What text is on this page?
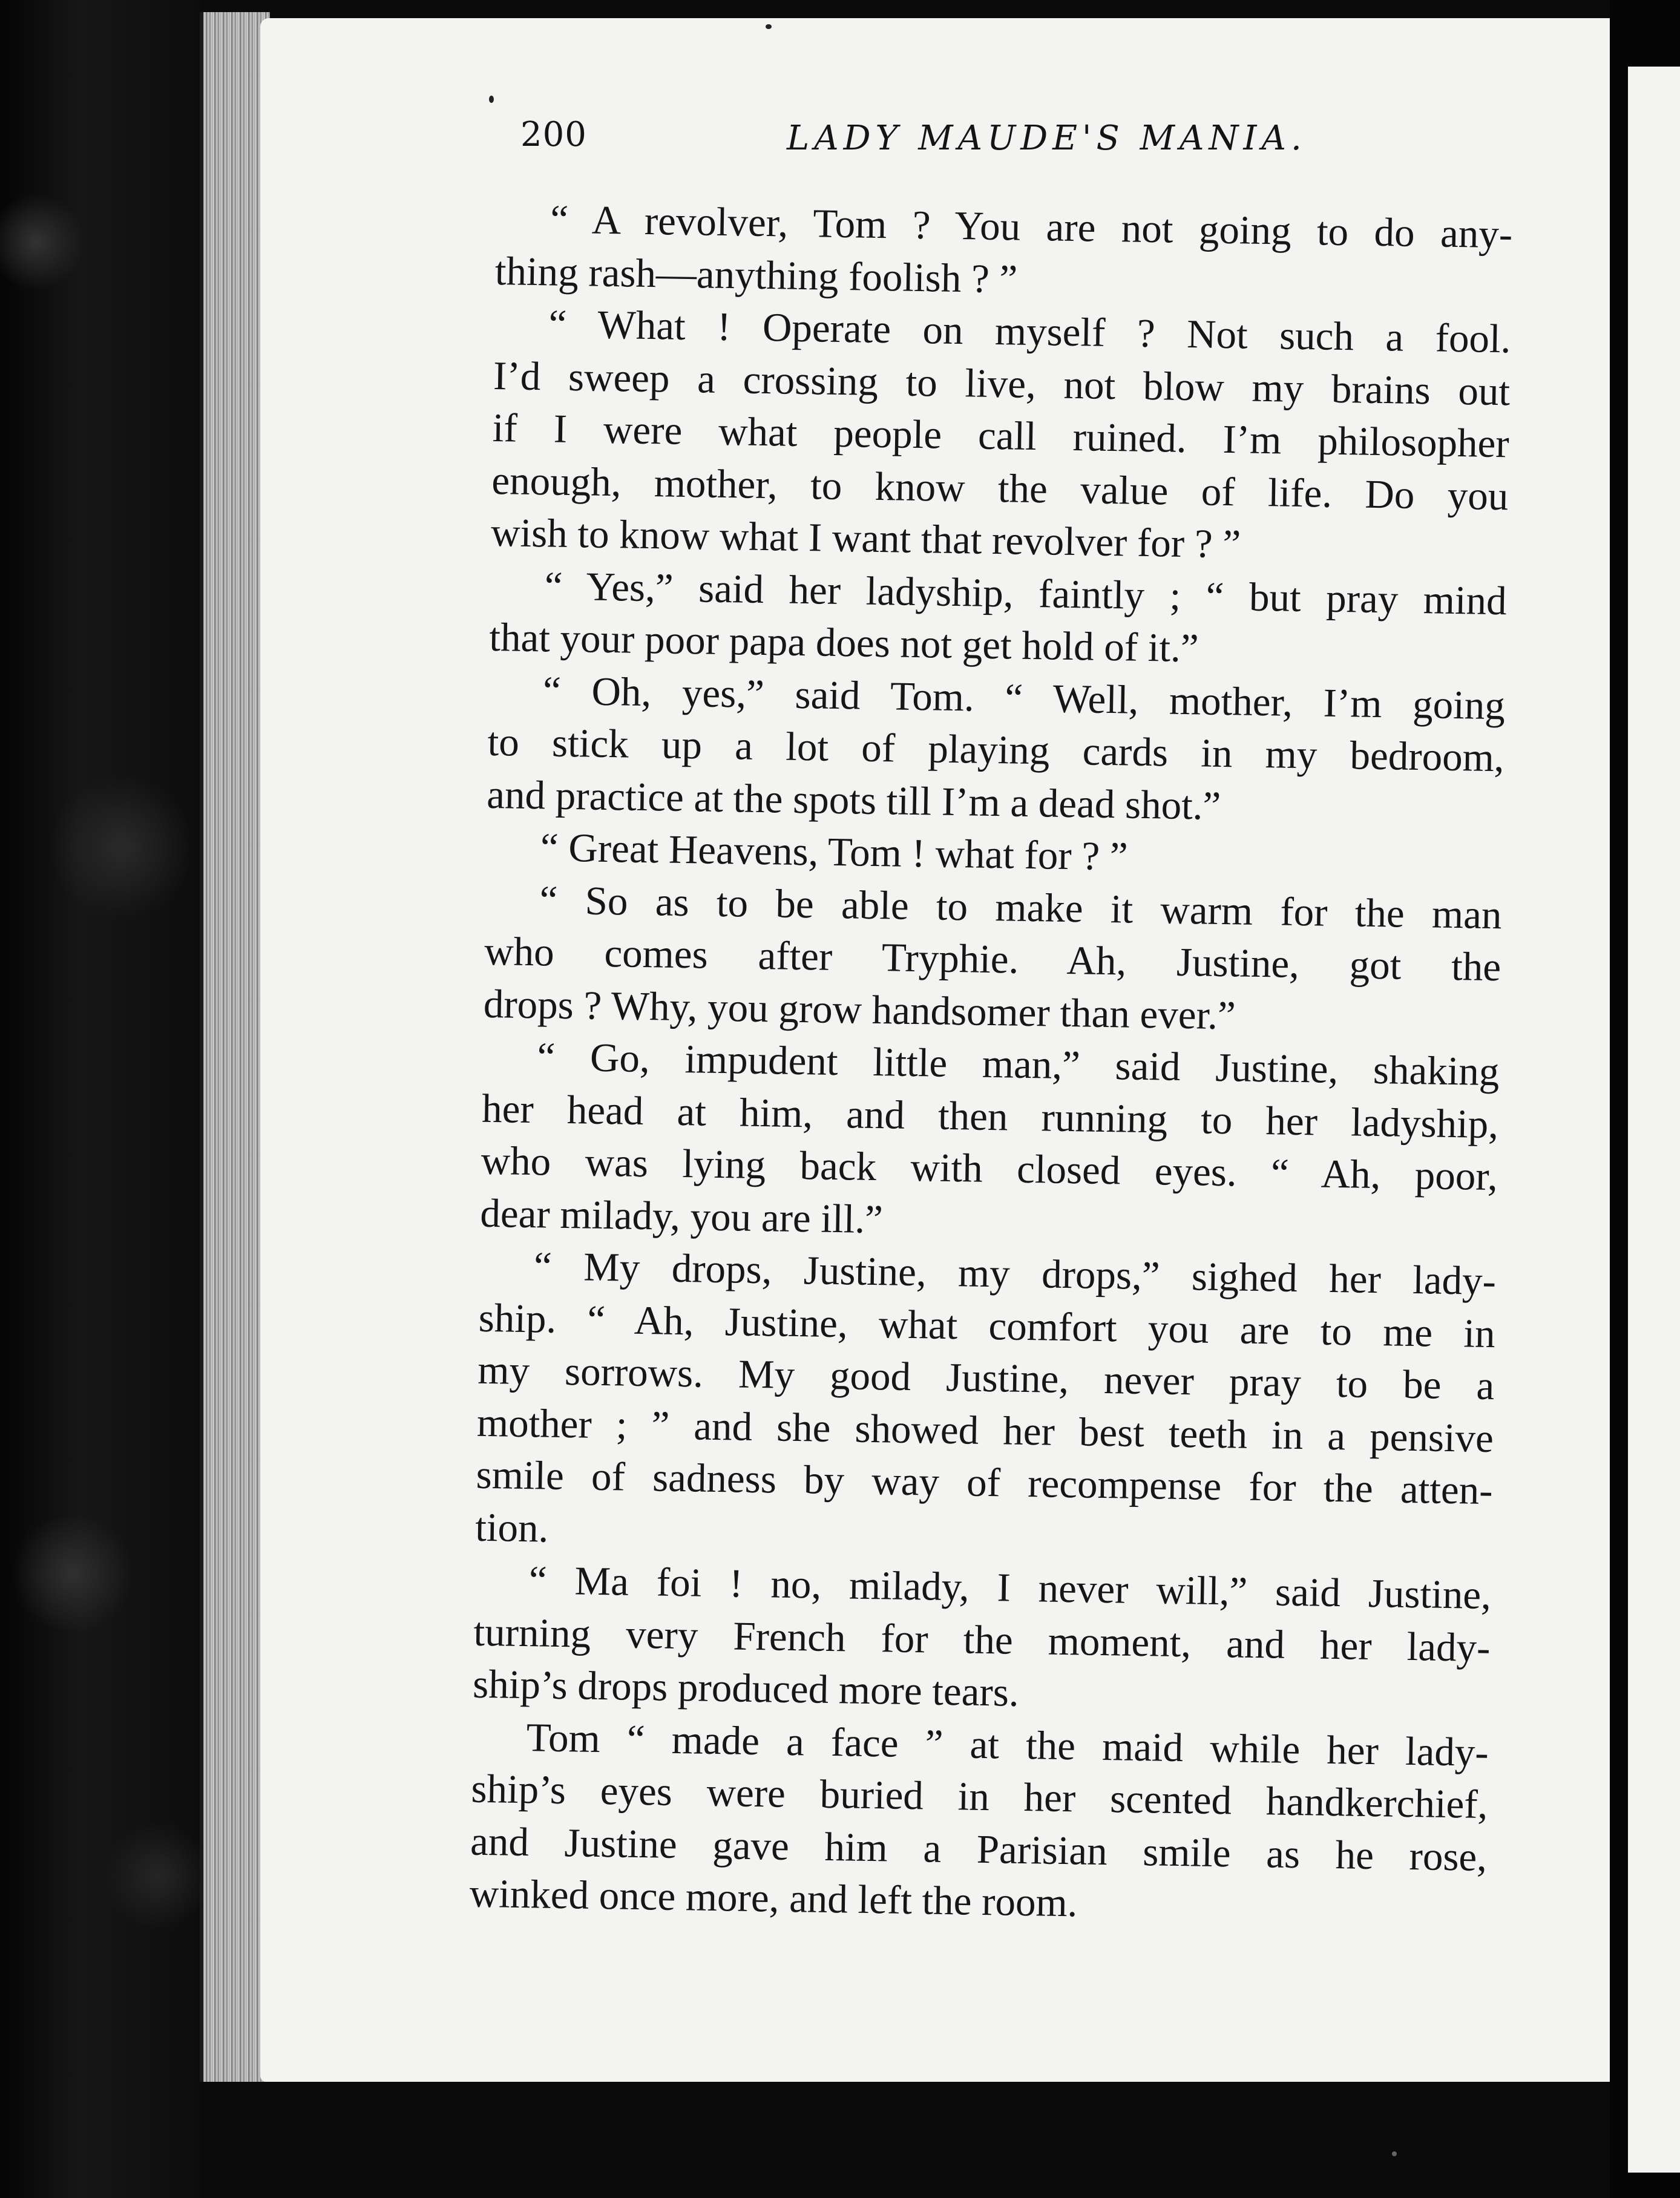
200	LADY MAUDE'S MANIA.
“ A revolver, Tom ? You are not going to do any-
thing rash—anything foolish ? ”
“ What ! Operate on myself ? Not such a fool.
I’d sweep a crossing to live, not blow my brains out
if I were what people call ruined. I’m philosopher
enough, mother, to know the value of life. Do you
wish to know what I want that revolver for ? ”
“ Yes,” said her ladyship, faintly ; “ but pray mind
that your poor papa does not get hold of it.”
“ Oh, yes,” said Tom. “ Well, mother, I’m going
to stick up a lot of playing cards in my bedroom,
and practice at the spots till I’m a dead shot.”
“ Great Heavens, Tom ! what for ? ”
“ So as to be able to make it warm for the man
who comes after Tryphie. Ah, Justine, got the
drops ? Why, you grow handsomer than ever.”
“ Go, impudent little man,” said Justine, shaking
her head at him, and then running to her ladyship,
who was lying back with closed eyes. “ Ah, poor,
dear milady, you are ill.”
“ My drops, Justine, my drops,” sighed her lady-
ship. “ Ah, Justine, what comfort you are to me in
my sorrows. My good Justine, never pray to be a
mother ; ” and she showed her best teeth in a pensive
smile of sadness by way of recompense for the atten-
tion.
“ Ma foi ! no, milady, I never will,” said Justine,
turning very French for the moment, and her lady-
ship’s drops produced more tears.
Tom “ made a face ” at the maid while her lady-
ship’s eyes were buried in her scented handkerchief,
and Justine gave him a Parisian smile as he rose,
winked once more, and left the room.
